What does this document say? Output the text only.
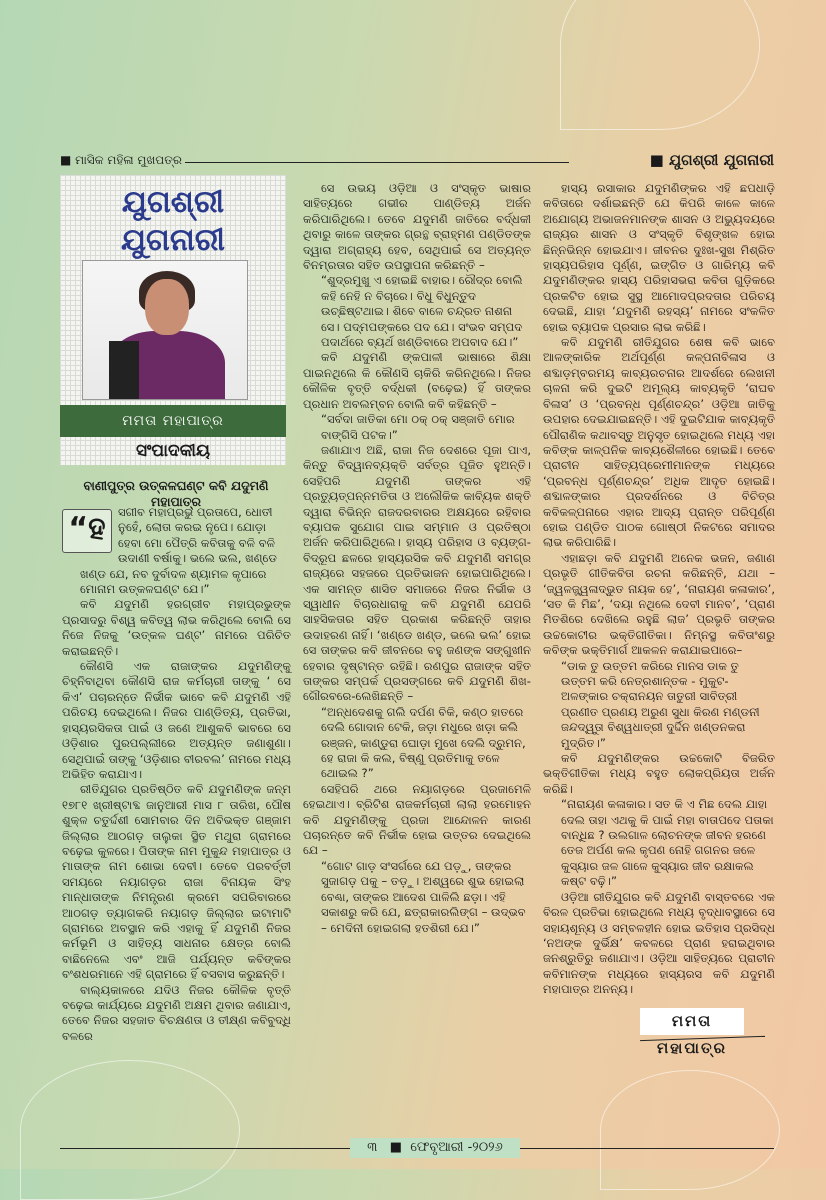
■ ମାସିକ ମହିଳା ମୁଖପତ୍ର	■ ଯୁଗଶ୍ରୀ ଯୁଗନାରୀ
ଯୁଗଶ୍ରୀ
ଯୁଗନାରୀ
ମମତା ମହାପାତ୍ର
ସଂପାଦକୀୟ
ବାଣୀପୁତ୍ର ଉତ୍କଳଘଣ୍ଟ କବି ଯଦୁମଣି ମହାପାତ୍ର
“ହ	ସଗୀବ ମହାପ୍ରଭୁ ପ୍ରତାପେ, ଧୋତୀ ନୁହେଁ, ଲୋତା କରଇ ନୃପେ। ଯୋଡ଼ା ହେବା ମୋ ପୈତ୍ରି କବିତାକୁ ବଳି ବଳି ଉଦାଣୀ ବର୍ଷାକୁ। ଭଲେ ଭଲ, ଖଣ୍ଡେ ଖଣ୍ଡ ଯେ, ନବ ଦୁର୍ବାଦଳ ଶ୍ୟାମଳ କୃପାରେ ମୋନାମ ଉତ୍କଳଘଣ୍ଟ ଯେ।”

କବି ଯଦୁମଣି ହରଗ୍ରୀବ ମହାପ୍ରଭୁଙ୍କ ପ୍ରସାଦରୁ ବିଶ୍ୱ କବିତ୍ୱ ଲାଭ କରିଥିଲେ ବୋଲି ସେ ନିଜେ ନିଜକୁ ‘ଉତ୍କଳ ଘଣ୍ଟ’ ନାମରେ ପରିଚିତ କରାଇଛନ୍ତି।

କୌଣସି ଏକ ରାଜାଙ୍କର ଯଦୁମଣିଙ୍କୁ ଚିହ୍ନିବାଥିବା କୌଣସି ରାଜ କର୍ମଚାରୀ ତାଙ୍କୁ ‘ ସେ କିଏ’ ପଚାରନ୍ତେ ନିର୍ଭୀକ ଭାବେ କବି ଯଦୁମଣି ଏହି ପରିଚୟ ଦେଇଥିଲେ। ନିଜର ପାଣ୍ଡିତ୍ୟ, ପ୍ରତିଭା, ହାସ୍ୟରସିକତା ପାଇଁ ଓ ଜଣେ ଆଶୁକବି ଭାବରେ ସେ ଓଡ଼ିଶାର ପୁରପଲ୍ଲୀରେ ଅତ୍ୟନ୍ତ ଜଣାଶୁଣା। ସେଥିପାଇଁ ତାଙ୍କୁ ‘ଓଡ଼ିଶାର ବୀରବଲ’ ନାମରେ ମଧ୍ୟ ଅଭିହିତ କରାଯାଏ।

ରୀତିଯୁଗର ପ୍ରତିଷ୍ଠିତ କବି ଯଦୁମଣିଙ୍କ ଜନ୍ମ ୧୭୮୧ ଖ୍ରୀଷ୍ଟାବ୍ଦ ଜାନୁଆରୀ ମାସ ୮ ତାରିଖ, ପୌଷ ଶୁକ୍ଳ ଚତୁର୍ଦ୍ଦଶୀ ସୋମବାର ଦିନ ଅବିଭକ୍ତ ଗଞ୍ଜାମ ଜିଲ୍ଲାର ଆଠଗଡ଼ ତାଲୁକା ସ୍ଥିତ ମଥୁରା ଗ୍ରାମରେ ବଢ଼େଇ କୁଳରେ। ପିତାଙ୍କ ନାମ ମୁକୁନ୍ଦ ମହାପାତ୍ର ଓ ମାତାଙ୍କ ନାମ ଶୋଭା ଦେବୀ। ତେବେ ପରବର୍ତ୍ତୀ ସମୟରେ ନୟାଗଡ଼ର ରାଜା ବିନାୟକ ସିଂହ ମାନ୍ଧାତାଙ୍କ ନିମନ୍ତ୍ରଣ କ୍ରମେ ସପରିବାରରେ ଆଠଗଡ଼ ତ୍ୟାଗକରି ନୟାଗଡ଼ ଜିଲ୍ଲାର ଇଟାମାଟି ଗ୍ରାମରେ ଅବସ୍ଥାନ କରି ଏହାକୁ ହିଁ ଯଦୁମଣି ନିଜର କର୍ମଭୂମି ଓ ସାହିତ୍ୟ ସାଧନାର କ୍ଷେତ୍ର ବୋଲି ବାଛିନେଲେ ଏବଂ ଆଜି ପର୍ଯ୍ୟନ୍ତ କବିଙ୍କର ବଂଶଧରମାନେ ଏହି ଗ୍ରାମରେ ହିଁ ବସବାସ କରୁଛନ୍ତି।

ବାଲ୍ୟକାଳରେ ଯଦିଓ ନିଜର କୌଳିକ ବୃତ୍ତି ବଢ଼େଇ କାର୍ଯ୍ୟରେ ଯଦୁମଣି ଅକ୍ଷମ ଥିବାର ଜଣାଯାଏ, ତେବେ ନିଜର ସହଜାତ ବିଚକ୍ଷଣତା ଓ ତୀକ୍ଷ୍ଣ କବିବୁଦ୍ଧି ବଳରେ

ସେ ଉଭୟ ଓଡ଼ିଆ ଓ ସଂସ୍କୃତ ଭାଷାର ସାହିତ୍ୟରେ ଗଭୀର ପାଣ୍ଡିତ୍ୟ ଅର୍ଜନ କରିପାରିଥିଲେ। ତେବେ ଯଦୁମଣି ଜାତିରେ ବର୍ଦ୍ଧକୀ ଥିବାରୁ କାଳେ ତାଙ୍କର ଗ୍ରନ୍ଥ ବ୍ରାହ୍ମଣ ପଣ୍ଡିତଙ୍କ ଦ୍ୱାରା ଅଗ୍ରାହ୍ୟ ହେବ, ସେଥିପାଇଁ ସେ ଅତ୍ୟନ୍ତ ବିନମ୍ରତାର ସହିତ ଉପସ୍ଥାପନା କରିଛନ୍ତି –

“ଶୁଦ୍ରମୁଖୁ ଏ ହୋଇଛି ବାହାର। ରୌଦ୍ର ବୋଲି କହି ନେହି ନ ବିଚାରେ। ବିଧୁ ବିଧୁନ୍ତୁଦ ଉଚ୍ଛିଷ୍ଟଥାଇ। ଶିବେ ବାଳେ ଚନ୍ଦ୍ରତ ନାଶନା ସେ। ପଦ୍ମପଙ୍କରେ ପଦ ଯେ। ସଂଭବ ସମ୍ପଦ ପଦାର୍ଥରେ ବ୍ୟର୍ଥ ଖଣ୍ଡିବାରେ ଅପବାଦ ଯେ।”

କବି ଯଦୁମଣି ଙ୍କପାଳୀ ଭାଷାରେ ଶିକ୍ଷା ପାଇନଥିଲେ କି କୌଣସି ଚାକିରି କରିନଥିଲେ। ନିଜର କୌଳିକ ବୃତ୍ତି ବର୍ଦ୍ଧକୀ (ବଢ଼େଇ) ହିଁ ତାଙ୍କର ପ୍ରଧାନ ଅବଲମ୍ବନ ବୋଲି କବି କହିଛନ୍ତି –

“ସର୍ବଦା ଜାତିକା ମୋ ଠକ୍ ଠକ୍ ସଞ୍ଜାତି ମୋର ବାଙ୍ଗିସି ପଟକ।”

ଜଣାଯାଏ ଅଛି, ରାଜା ନିଜ ଦେଶରେ ପୂଜା ପାଏ, କିନ୍ତୁ ବିଦ୍ୱାନବ୍ୟକ୍ତି ସର୍ବତ୍ର ପୂଜିତ ହୁଅନ୍ତି। ସେହିପରି ଯଦୁମଣି ତାଙ୍କର ଏହି ପ୍ରତ୍ୟୁତ୍ପନ୍ନମତିତା ଓ ଅଲୌକିକ କାବ୍ୟିକ ଶକ୍ତି ଦ୍ୱାରା ବିଭିନ୍ନ ରାଜଦରବାରର ଅକ୍ଷୟରେ ରହିବାର ବ୍ୟାପକ ସୁଯୋଗ ପାଇ ସମ୍ମାନ ଓ ପ୍ରତିଷ୍ଠା ଅର୍ଜନ କରିପାରିଥିଲେ। ହାସ୍ୟ ପରିହାସ ଓ ବ୍ୟଙ୍ଗ-ବିଦ୍ରୂପ ଛଳରେ ହାସ୍ୟରସିକ କବି ଯଦୁମଣି ସମଗ୍ର ରାଜ୍ୟରେ ସହଜରେ ପ୍ରତିଭାଜନ ହୋଇପାରିଥିଲେ। ଏକ ସାମନ୍ତ ଶାସିତ ସମାଜରେ ନିଜର ନିର୍ଭୀକ ଓ ସ୍ୱାଧୀନ ବିଚାରଧାରାକୁ କବି ଯଦୁମଣି ଯେପରି ସାହସିକତାର ସହିତ ପ୍ରକାଶ କରିଛନ୍ତି ତାହାର ଉଦାହରଣ ନାହିଁ। ‘ଖଣ୍ଡେ ଖଣ୍ଡ, ଭଲେ ଭଲ’ ହୋଇ ସେ ତାଙ୍କର କବି ଜୀବନରେ ବହୁ ଜଣଙ୍କ ସଙ୍ଗୁଖୀନ ହେବାର ଦୃଷ୍ଟାନ୍ତ ରହିଛି। ରଣପୁର ରାଜାଙ୍କ ସହିତ ତାଙ୍କର ସମ୍ପର୍କ ପ୍ରସଙ୍ଗରେ କବି ଯଦୁମଣି ଶିଖ-ଗୌରବରେ-ଲେଖିଛନ୍ତି –

“ଅନ୍ଧଦେଶକୁ ଗଲି ଦର୍ପଣ ବିକି, କଣ୍ଠ ହାତରେ ଦେଲି ଗୋଦାନ ଟେକି, ଜଡ଼ା ମଧୁରେ ଖଡ଼ା କଲି ରଞ୍ଜନ, କାଣ୍ଡୁରା ଘୋଡ଼ା ମୁଖେ ଦେଲି ଦ୍ରୁମନ, ହେ ରାଜା କି କଲ, ବିଷ୍ଣୁ ପ୍ରତିମାକୁ ତଳେ ଥୋଇଲ ?”

ସେହିପରି ଥରେ ନୟାଗଡ଼ରେ ପ୍ରଜାମେଳି ହେଇଥାଏ। ବ୍ରିଟିଶ ରାଜକର୍ମଚାରୀ ଲାଲା ହରମୋହନ କବି ଯଦୁମଣିଙ୍କୁ ପ୍ରଜା ଆନ୍ଦୋଳନ କାରଣ ପଚାରନ୍ତେ କବି ନିର୍ଭୀକ ହୋଇ ଉତ୍ତର ଦେଇଥିଲେ ଯେ –

“ଗୋଟ ଗାଡ଼ ସଂସର୍ଗରେ ଯେ ପଡ଼ୁ, ତାଙ୍କର ସୁଜାଗଡ଼ ପକୁ – ତଡ଼ୁ। ଅଶ୍ୱରେ ଶୁଭ ହୋଇଲା ବେଣ୍ଢା, ତାଙ୍କର ଆଦେଶ ପାଳିଲି ଛଡ଼ା। ଏହି ସକାଶରୁ କରି ଯେ, ଛତ୍ରାକାରଲିଙ୍ଗ – ଉଦ୍ଭବ – ମେଦିନୀ ହୋଇଗଲା ହତଶିରୀ ଯେ।”

ହାସ୍ୟ ରସାକାର ଯଦୁମଣିଙ୍କର ଏହି ଛପଧାଡ଼ି କବିତାରେ ଦର୍ଶାଇଛନ୍ତି ଯେ କିପରି କାଳେ କାଳେ ଅଯୋଗ୍ୟ ଅଭାଜନମାନଙ୍କ ଶାସନ ଓ ଅଭ୍ୟୁଦୟରେ ରାଜ୍ୟର ଶାସନ ଓ ସଂସ୍କୃତି ବିଶୃଙ୍ଖଳ ହୋଇ ଛିନ୍ନଭିନ୍ନ ହୋଇଯାଏ। ଜୀବନର ଦୁଃଖ-ସୁଖ ମିଶ୍ରିତ ହାସ୍ୟପରିହାସ ପୂର୍ଣ୍ଣ, ଇଙ୍ଗିତ ଓ ଗାରିମ୍ୟ କବି ଯଦୁମଣିଙ୍କର ହାସ୍ୟ ପରିହାସଭରା କବିତା ଗୁଡ଼ିକରେ ପ୍ରକଟିତ ହୋଇ ସୁସ୍ଥ ଆମୋଦପ୍ରଦତାର ପରିଚୟ ଦେଇଛି, ଯାହା ‘ଯଦୁମଣି ରହସ୍ୟ’ ନାମରେ ସଂକଳିତ ହୋଇ ବ୍ୟାପକ ପ୍ରସାର ଲାଭ କରିଛି।

କବି ଯଦୁମଣି ରୀତିଯୁଗର ଶେଷ କବି ଭାବେ ଆଳଙ୍କାରିକ ଅର୍ଥପୂର୍ଣ୍ଣ କଳ୍ପନାବିଳାସ ଓ ଶବ୍ଦାଡ଼ମ୍ବରମୟ କାବ୍ୟରଚନାର ଆଦର୍ଶରେ ଲେଖନୀ ଚାଳନା କରି ଦୁଇଟି ଅମୂଲ୍ୟ କାବ୍ୟକୃତି ‘ରାଘବ ବିଳାସ’ ଓ ‘ପ୍ରବନ୍ଧ ପୂର୍ଣ୍ଣଚନ୍ଦ୍ର’ ଓଡ଼ିଆ ଜାତିକୁ ଉପହାର ଦେଇଯାଇଛନ୍ତି। ଏହି ଦୁଇଟିଯାକ କାବ୍ୟକୃତି ପୌରାଣିକ କଥାବସ୍ତୁ ଅନୁସୃତ ହୋଇଥିଲେ ମଧ୍ୟ ଏହା କବିଙ୍କ କାଳ୍ପନିକ କାବ୍ୟଶୈଳୀରେ ହୋଇଛି। ତେବେ ପ୍ରାଚୀନ ସାହିତ୍ୟପ୍ରେମୀମାନଙ୍କ ମଧ୍ୟରେ ‘ପ୍ରବନ୍ଧ ପୂର୍ଣ୍ଣଚନ୍ଦ୍ର’ ଅଧିକ ଆଦୃତ ହୋଇଛି। ଶବ୍ଦାଳଙ୍କାର ପ୍ରଦର୍ଶନରେ ଓ ବିଚିତ୍ର କବିକଳ୍ପନାରେ ଏହାର ଆଦ୍ୟ ପ୍ରାନ୍ତ ପରିପୂର୍ଣ୍ଣ ହୋଇ ପଣ୍ଡିତ ପାଠକ ଗୋଷ୍ଠୀ ନିକଟରେ ସମାଦର ଲାଭ କରିପାରିଛି।

ଏହାଛଡ଼ା କବି ଯଦୁମଣି ଅନେକ ଭଜନ, ଜଣାଣ ପ୍ରଭୃତି ଗୀତିକବିତା ରଚନା କରିଛନ୍ତି, ଯଥା – ‘ଜ୍ୱଳଜ୍ଜ୍ୱଳାଦ୍ଭୁତ ନାୟକ ହେ’, ‘ନାରାୟଣ କଳାକାର’, ‘ସତ କି ମିଛ’, ‘ଦୟା ନଥିଲେ ଦେବୀ ମାନବ’, ‘ପ୍ରାଣ ମିତଶିରେ ଦେଖିଲେ ରହୁଛି ଲାଜ’ ପ୍ରଭୃତି ତାଙ୍କର ଉଚ୍ଚକୋଟୀର ଭକ୍ତିଗୀତିକା। ନିମ୍ନସ୍ଥ କବିତାଂଶରୁ କବିଙ୍କ ଭକ୍ତିମାର୍ଗ ଆକଳନ କରାଯାଇପାରେ–

“ଡାକ ତୁ ଉତ୍ତମ କରିରେ ମାନସ ଡାକ ତୁ ଉତ୍ତମ କରି ନେତ୍ରଶାନ୍ତକ - ମୁକୁଟ- ଅଳଙ୍କାର ଚକ୍ରାନୟନ ତାତୁରୀ ସାବିତ୍ରୀ ପ୍ରଣୀତ ପ୍ରଣୟ ଅରୁଣ ସୁଧା କିରଣ ମଣ୍ଡନୀ ଜନ୍ଦଦ୍ୱୁତା ବିଶ୍ୱଧାତ୍ରୀ ଦୁର୍ଦ୍ଦିନ ଖଣ୍ଡନକରା ମୁଦ୍ରିତ।”

କବି ଯଦୁମଣିଙ୍କର ଉଚ୍ଚକୋଟି ବିଜରିତ ଭକ୍ତିଗୀତିକା ମଧ୍ୟ ବହୁତ ଲୋକପ୍ରିୟତା ଅର୍ଜନ କରିଛି।

“ନାରାୟଣ କଳାକାର। ସତ କି ଏ ମିଛ ଦେଲ ଯାହା ଦେଲ ତାହା ଏଥକୁ କି ପାଇଁ ମହା ବାତାପଦେ ପତାକା ବାନ୍ଧିଛ ? ଉଲଗାଳ ଲୋଚନଙ୍କ ଜୀବନ ହରଣେ ତେଜ ଅର୍ପଣ କଲ କୃପଣ ନୋହି ଗଗନର ଜଳେ କୁସ୍ୟାର ଜଳ ଗାଳେ କୁସ୍ୟାର ଜୀବ ରକ୍ଷାକଲ କଷ୍ଟ ବଢ଼ି।”

ଓଡ଼ିଆ ରୀତିଯୁଗର କବି ଯଦୁମଣି ବାସ୍ତବରେ ଏକ ବିରଳ ପ୍ରତିଭା ହୋଇଥିଲେ ମଧ୍ୟ ବୃଦ୍ଧାବସ୍ଥାରେ ସେ ସହାୟଶୂନ୍ୟ ଓ ସମ୍ବଳହୀନ ହୋଇ ଇତିହାସ ପ୍ରସିଦ୍ଧ ‘ନଅଙ୍କ ଦୁର୍ଭିକ୍ଷ’ କବଳରେ ପ୍ରାଣ ହରାଇଥିବାର ଜନଶ୍ରୁତିରୁ ଜଣାଯାଏ। ଓଡ଼ିଆ ସାହିତ୍ୟରେ ପ୍ରାଚୀନ କବିମାନଙ୍କ ମଧ୍ୟରେ ହାସ୍ୟରସ କବି ଯଦୁମଣି ମହାପାତ୍ର ଅନନ୍ୟ।

ମମତା ମହାପାତ୍ର
୩ ■ ଫେବୃଆରୀ -୨୦୨୬
